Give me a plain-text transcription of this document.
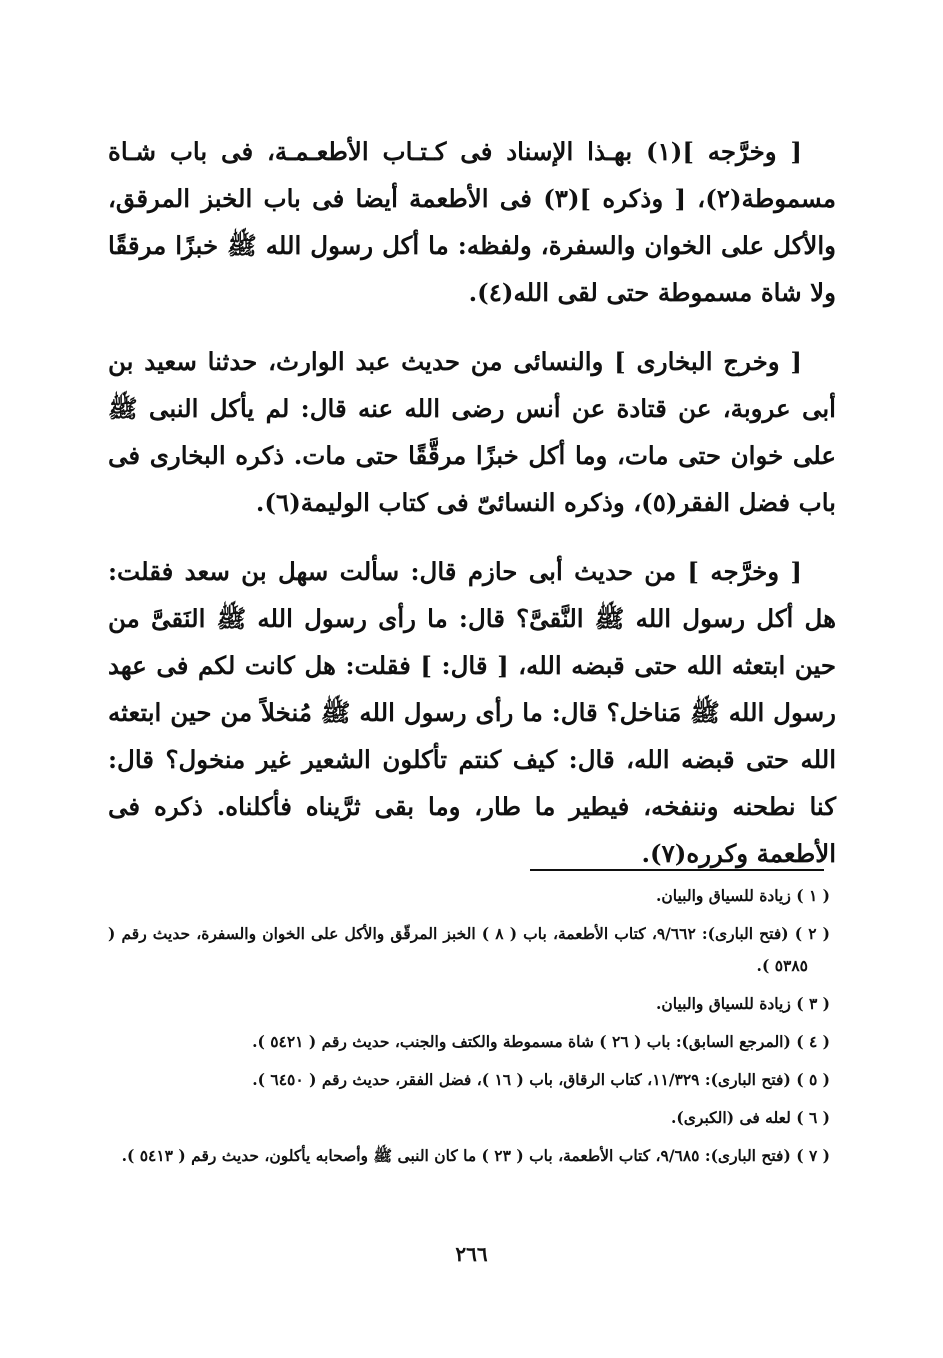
[ وخرَّجه ](١) بهـذا الإسناد فى كـتـاب الأطعـمـة، فى باب شـاة مسموطة(٢)، [ وذكره ](٣) فى الأطعمة أيضا فى باب الخبز المرقق، والأكل على الخوان والسفرة، ولفظه: ما أكل رسول الله ﷺ خبزًا مرققًا ولا شاة مسموطة حتى لقى الله(٤).

[ وخرج البخارى ] والنسائى من حديث عبد الوارث، حدثنا سعيد بن أبى عروبة، عن قتادة عن أنس رضى الله عنه قال: لم يأكل النبى ﷺ على خوان حتى مات، وما أكل خبزًا مرقَّقًا حتى مات. ذكره البخارى فى باب فضل الفقر(٥)، وذكره النسائىّ فى كتاب الوليمة(٦).

[ وخرَّجه ] من حديث أبى حازم قال: سألت سهل بن سعد فقلت: هل أكل رسول الله ﷺ النَّقىَّ؟ قال: ما رأى رسول الله ﷺ النَقىَّ من حين ابتعثه الله حتى قبضه الله، [ قال: ] فقلت: هل كانت لكم فى عهد رسول الله ﷺ مَناخل؟ قال: ما رأى رسول الله ﷺ مُنخلاً من حين ابتعثه الله حتى قبضه الله، قال: كيف كنتم تأكلون الشعير غير منخول؟ قال: كنا نطحنه وننفخه، فيطير ما طار، وما بقى ثرَّيناه فأكلناه. ذكره فى الأطعمة وكرره(٧).

( ١ ) زيادة للسياق والبيان.
( ٢ ) (فتح البارى): ٩/٦٦٢، كتاب الأطعمة، باب ( ٨ ) الخبز المرقّق والأكل على الخوان والسفرة، حديث رقم ( ٥٣٨٥ ).
( ٣ ) زيادة للسياق والبيان.
( ٤ ) (المرجع السابق): باب ( ٢٦ ) شاة مسموطة والكتف والجنب، حديث رقم ( ٥٤٢١ ).
( ٥ ) (فتح البارى): ١١/٣٢٩، كتاب الرقاق، باب ( ١٦ )، فضل الفقر، حديث رقم ( ٦٤٥٠ ).
( ٦ ) لعله فى (الكبرى).
( ٧ ) (فتح البارى): ٩/٦٨٥، كتاب الأطعمة، باب ( ٢٣ ) ما كان النبى ﷺ وأصحابه يأكلون، حديث رقم ( ٥٤١٣ ).
٢٦٦
